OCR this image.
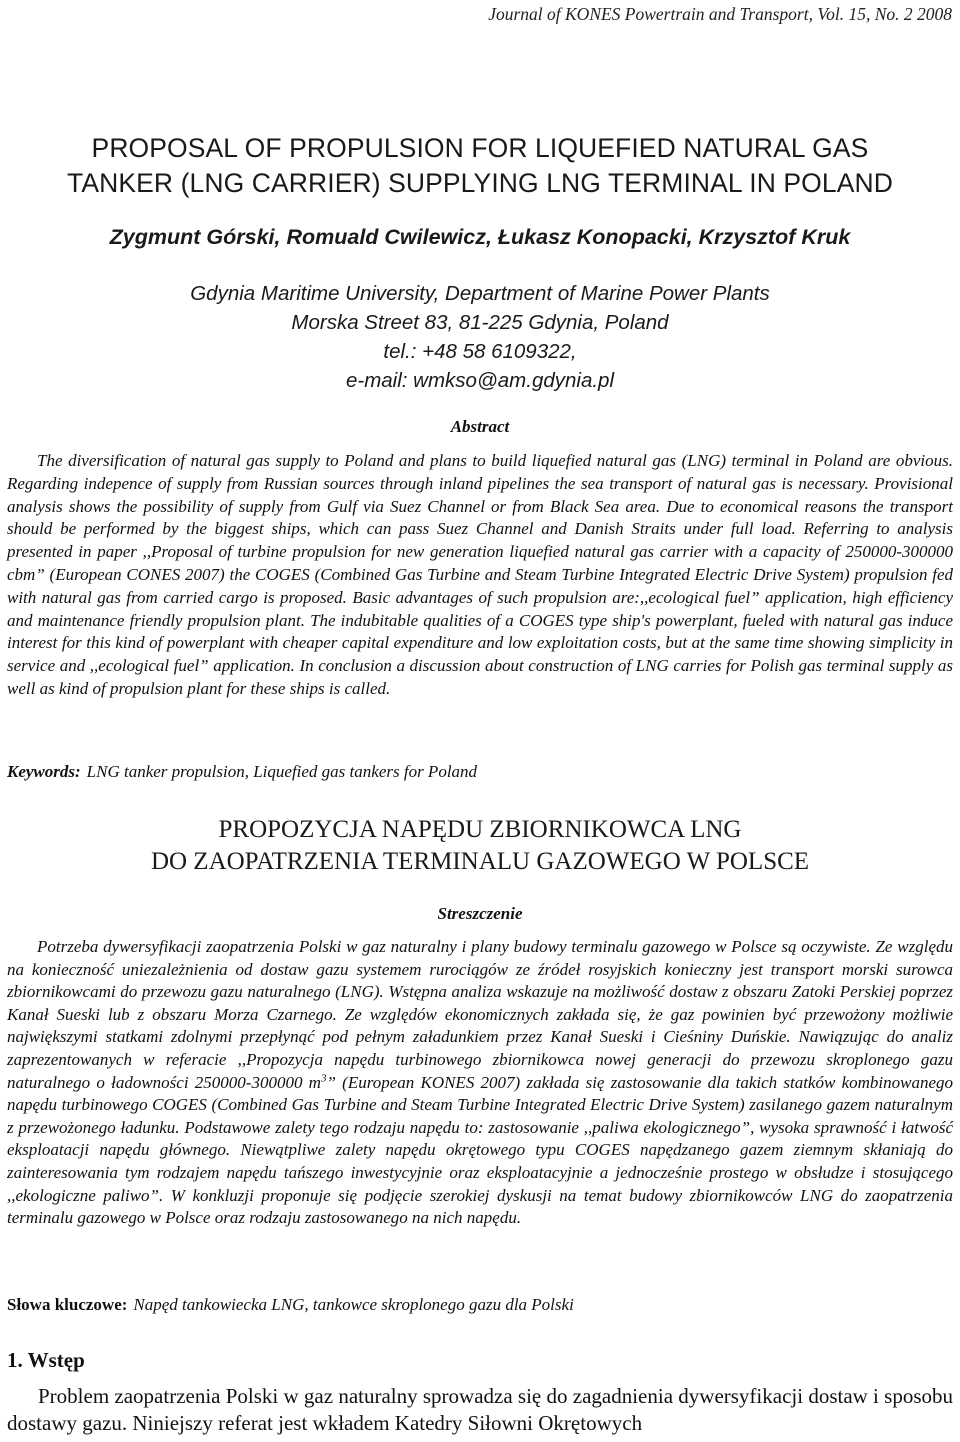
Journal of KONES Powertrain and Transport, Vol. 15, No. 2 2008
PROPOSAL OF PROPULSION FOR LIQUEFIED NATURAL GAS
TANKER (LNG CARRIER) SUPPLYING LNG TERMINAL IN POLAND
Zygmunt Górski, Romuald Cwilewicz, Łukasz Konopacki, Krzysztof Kruk
Gdynia Maritime University, Department of Marine Power Plants
Morska Street 83, 81-225 Gdynia, Poland
tel.: +48 58 6109322,
e-mail: wmkso@am.gdynia.pl
Abstract
The diversification of natural gas supply to Poland and plans to build liquefied natural gas (LNG) terminal in Poland are obvious. Regarding indepence of supply from Russian sources through inland pipelines the sea transport of natural gas is necessary. Provisional analysis shows the possibility of supply from Gulf via Suez Channel or from Black Sea area. Due to economical reasons the transport should be performed by the biggest ships, which can pass Suez Channel and Danish Straits under full load. Referring to analysis presented in paper ,,Proposal of turbine propulsion for new generation liquefied natural gas carrier with a capacity of 250000-300000 cbm” (European CONES 2007) the COGES (Combined Gas Turbine and Steam Turbine Integrated Electric Drive System) propulsion fed with natural gas from carried cargo is proposed. Basic advantages of such propulsion are:,,ecological fuel” application, high efficiency and maintenance friendly propulsion plant. The indubitable qualities of a COGES type ship's powerplant, fueled with natural gas induce interest for this kind of powerplant with cheaper capital expenditure and low exploitation costs, but at the same time showing simplicity in service and ,,ecological fuel” application. In conclusion a discussion about construction of LNG carries for Polish gas terminal supply as well as kind of propulsion plant for these ships is called.
Keywords: LNG tanker propulsion, Liquefied gas tankers for Poland
PROPOZYCJA NAPĘDU ZBIORNIKOWCA LNG
DO ZAOPATRZENIA TERMINALU GAZOWEGO W POLSCE
Streszczenie
Potrzeba dywersyfikacji zaopatrzenia Polski w gaz naturalny i plany budowy terminalu gazowego w Polsce są oczywiste. Ze względu na konieczność uniezależnienia od dostaw gazu systemem rurociągów ze źródeł rosyjskich konieczny jest transport morski surowca zbiornikowcami do przewozu gazu naturalnego (LNG). Wstępna analiza wskazuje na możliwość dostaw z obszaru Zatoki Perskiej poprzez Kanał Sueski lub z obszaru Morza Czarnego. Ze względów ekonomicznych zakłada się, że gaz powinien być przewożony możliwie największymi statkami zdolnymi przepłynąć pod pełnym załadunkiem przez Kanał Sueski i Cieśniny Duńskie. Nawiązując do analiz zaprezentowanych w referacie ,,Propozycja napędu turbinowego zbiornikowca nowej generacji do przewozu skroplonego gazu naturalnego o ładowności 250000-300000 $m^3$” (European KONES 2007) zakłada się zastosowanie dla takich statków kombinowanego napędu turbinowego COGES (Combined Gas Turbine and Steam Turbine Integrated Electric Drive System) zasilanego gazem naturalnym z przewożonego ładunku. Podstawowe zalety tego rodzaju napędu to: zastosowanie ,,paliwa ekologicznego”, wysoka sprawność i łatwość eksploatacji napędu głównego. Niewątpliwe zalety napędu okrętowego typu COGES napędzanego gazem ziemnym skłaniają do zainteresowania tym rodzajem napędu tańszego inwestycyjnie oraz eksploatacyjnie a jednocześnie prostego w obsłudze i stosującego ,,ekologiczne paliwo”. W konkluzji proponuje się podjęcie szerokiej dyskusji na temat budowy zbiornikowców LNG do zaopatrzenia terminalu gazowego w Polsce oraz rodzaju zastosowanego na nich napędu.
Słowa kluczowe: Napęd tankowiecka LNG, tankowce skroplonego gazu dla Polski
1. Wstęp
Problem zaopatrzenia Polski w gaz naturalny sprowadza się do zagadnienia dywersyfikacji dostaw i sposobu dostawy gazu. Niniejszy referat jest wkładem Katedry Siłowni Okrętowych
